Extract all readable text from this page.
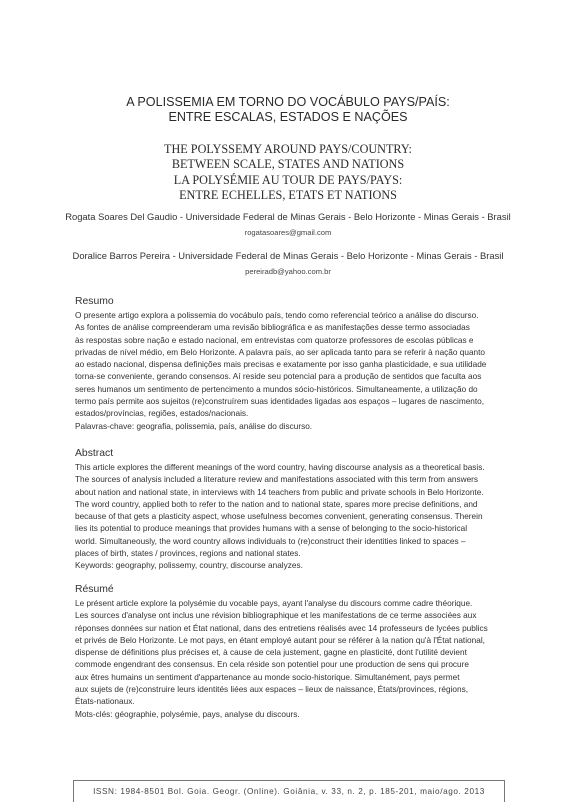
A POLISSEMIA EM TORNO DO VOCÁBULO PAYS/PAÍS:
ENTRE ESCALAS, ESTADOS E NAÇÕES
THE POLYSSEMY AROUND PAYS/COUNTRY:
BETWEEN SCALE, STATES AND NATIONS
LA POLYSÉMIE AU TOUR DE PAYS/PAYS:
ENTRE ECHELLES, ETATS ET NATIONS
Rogata Soares Del Gaudio - Universidade Federal de Minas Gerais - Belo Horizonte - Minas Gerais - Brasil
rogatasoares@gmail.com
Doralice Barros Pereira - Universidade Federal de Minas Gerais - Belo Horizonte - Minas Gerais - Brasil
pereiradb@yahoo.com.br
Resumo
O presente artigo explora a polissemia do vocábulo país, tendo como referencial teórico a análise do discurso.
As fontes de análise compreenderam uma revisão bibliográfica e as manifestações desse termo associadas
às respostas sobre nação e estado nacional, em entrevistas com quatorze professores de escolas públicas e
privadas de nível médio, em Belo Horizonte. A palavra país, ao ser aplicada tanto para se referir à nação quanto
ao estado nacional, dispensa definições mais precisas e exatamente por isso ganha plasticidade, e sua utilidade
torna-se conveniente, gerando consensos. Aí reside seu potencial para a produção de sentidos que faculta aos
seres humanos um sentimento de pertencimento a mundos sócio-históricos. Simultaneamente, a utilização do
termo país permite aos sujeitos (re)construírem suas identidades ligadas aos espaços – lugares de nascimento,
estados/províncias, regiões, estados/nacionais.
Palavras-chave: geografia, polissemia, país, análise do discurso.
Abstract
This article explores the different meanings of the word country, having discourse analysis as a theoretical basis.
The sources of analysis included a literature review and manifestations associated with this term from answers
about nation and national state, in interviews with 14 teachers from public and private schools in Belo Horizonte.
The word country, applied both to refer to the nation and to national state, spares more precise definitions, and
because of that gets a plasticity aspect, whose usefulness becomes convenient, generating consensus. Therein
lies its potential to produce meanings that provides humans with a sense of belonging to the socio-historical
world. Simultaneously, the word country allows individuals to (re)construct their identities linked to spaces –
places of birth, states / provinces, regions and national states.
Keywords: geography, polissemy, country, discourse analyzes.
Résumé
Le présent article explore la polysémie du vocable pays, ayant l'analyse du discours comme cadre théorique.
Les sources d'analyse ont inclus une révision bibliographique et les manifestations de ce terme associées aux
réponses données sur nation et État national, dans des entretiens réalisés avec 14 professeurs de lycées publics
et privés de Belo Horizonte. Le mot pays, en étant employé autant pour se référer à la nation qu'à l'État national,
dispense de définitions plus précises et, à cause de cela justement, gagne en plasticité, dont l'utilité devient
commode engendrant des consensus. En cela réside son potentiel pour une production de sens qui procure
aux êtres humains un sentiment d'appartenance au monde socio-historique. Simultanément, pays permet
aux sujets de (re)construire leurs identités liées aux espaces – lieux de naissance, États/provinces, régions,
États-nationaux.
Mots-clés: géographie, polysémie, pays, analyse du discours.
ISSN: 1984-8501 Bol. Goia. Geogr. (Online). Goiânia, v. 33, n. 2, p. 185-201, maio/ago. 2013
